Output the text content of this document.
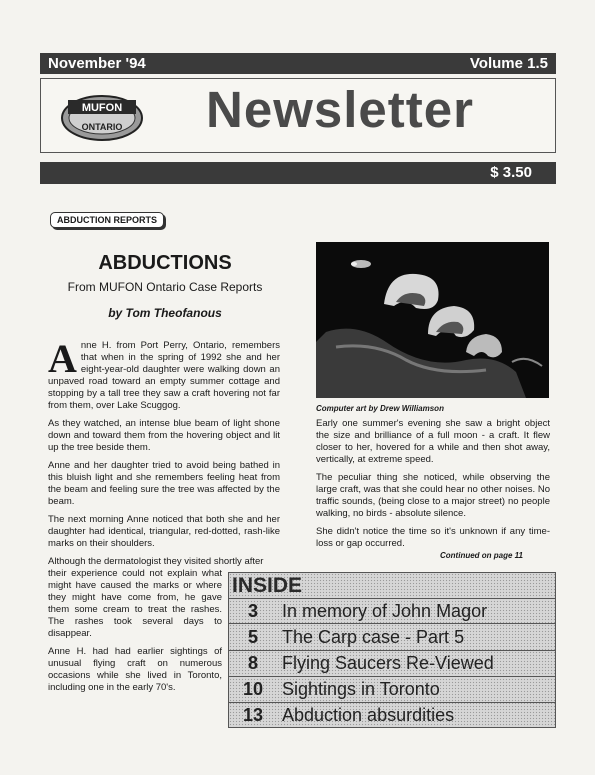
November '94	Volume 1.5
MUFON
ONTARIO Newsletter
$ 3.50
ABDUCTION REPORTS
ABDUCTIONS
From MUFON Ontario Case Reports
by Tom Theofanous

Anne H. from Port Perry, Ontario, remembers that when in the spring of 1992 she and her eight-year-old daughter were walking down an unpaved road toward an empty summer cottage and stopping by a tall tree they saw a craft hovering not far from them, over Lake Scuggog.

As they watched, an intense blue beam of light shone down and toward them from the hovering object and lit up the tree beside them.

Anne and her daughter tried to avoid being bathed in this bluish light and she remembers feeling heat from the beam and feeling sure the tree was affected by the beam.

The next morning Anne noticed that both she and her daughter had identical, triangular, red-dotted, rash-like marks on their shoulders.

Although the dermatologist they visited shortly after

their experience could not explain what might have caused the marks or where they might have come from, he gave them some cream to treat the rashes. The rashes took several days to disappear.

Anne H. had had earlier sightings of unusual flying craft on numerous occasions while she lived in Toronto, including one in the early 70's.

Computer art by Drew Williamson

Early one summer's evening she saw a bright object the size and brilliance of a full moon - a craft. It flew closer to her, hovered for a while and then shot away, vertically, at extreme speed.

The peculiar thing she noticed, while observing the large craft, was that she could hear no other noises. No traffic sounds, (being close to a major street) no people walking, no birds - absolute silence.

She didn't notice the time so it's unknown if any time-loss or gap occurred.

Continued on page 11
INSIDE
3	In memory of John Magor
5	The Carp case - Part 5
8	Flying Saucers Re-Viewed
10	Sightings in Toronto
13	Abduction absurdities
